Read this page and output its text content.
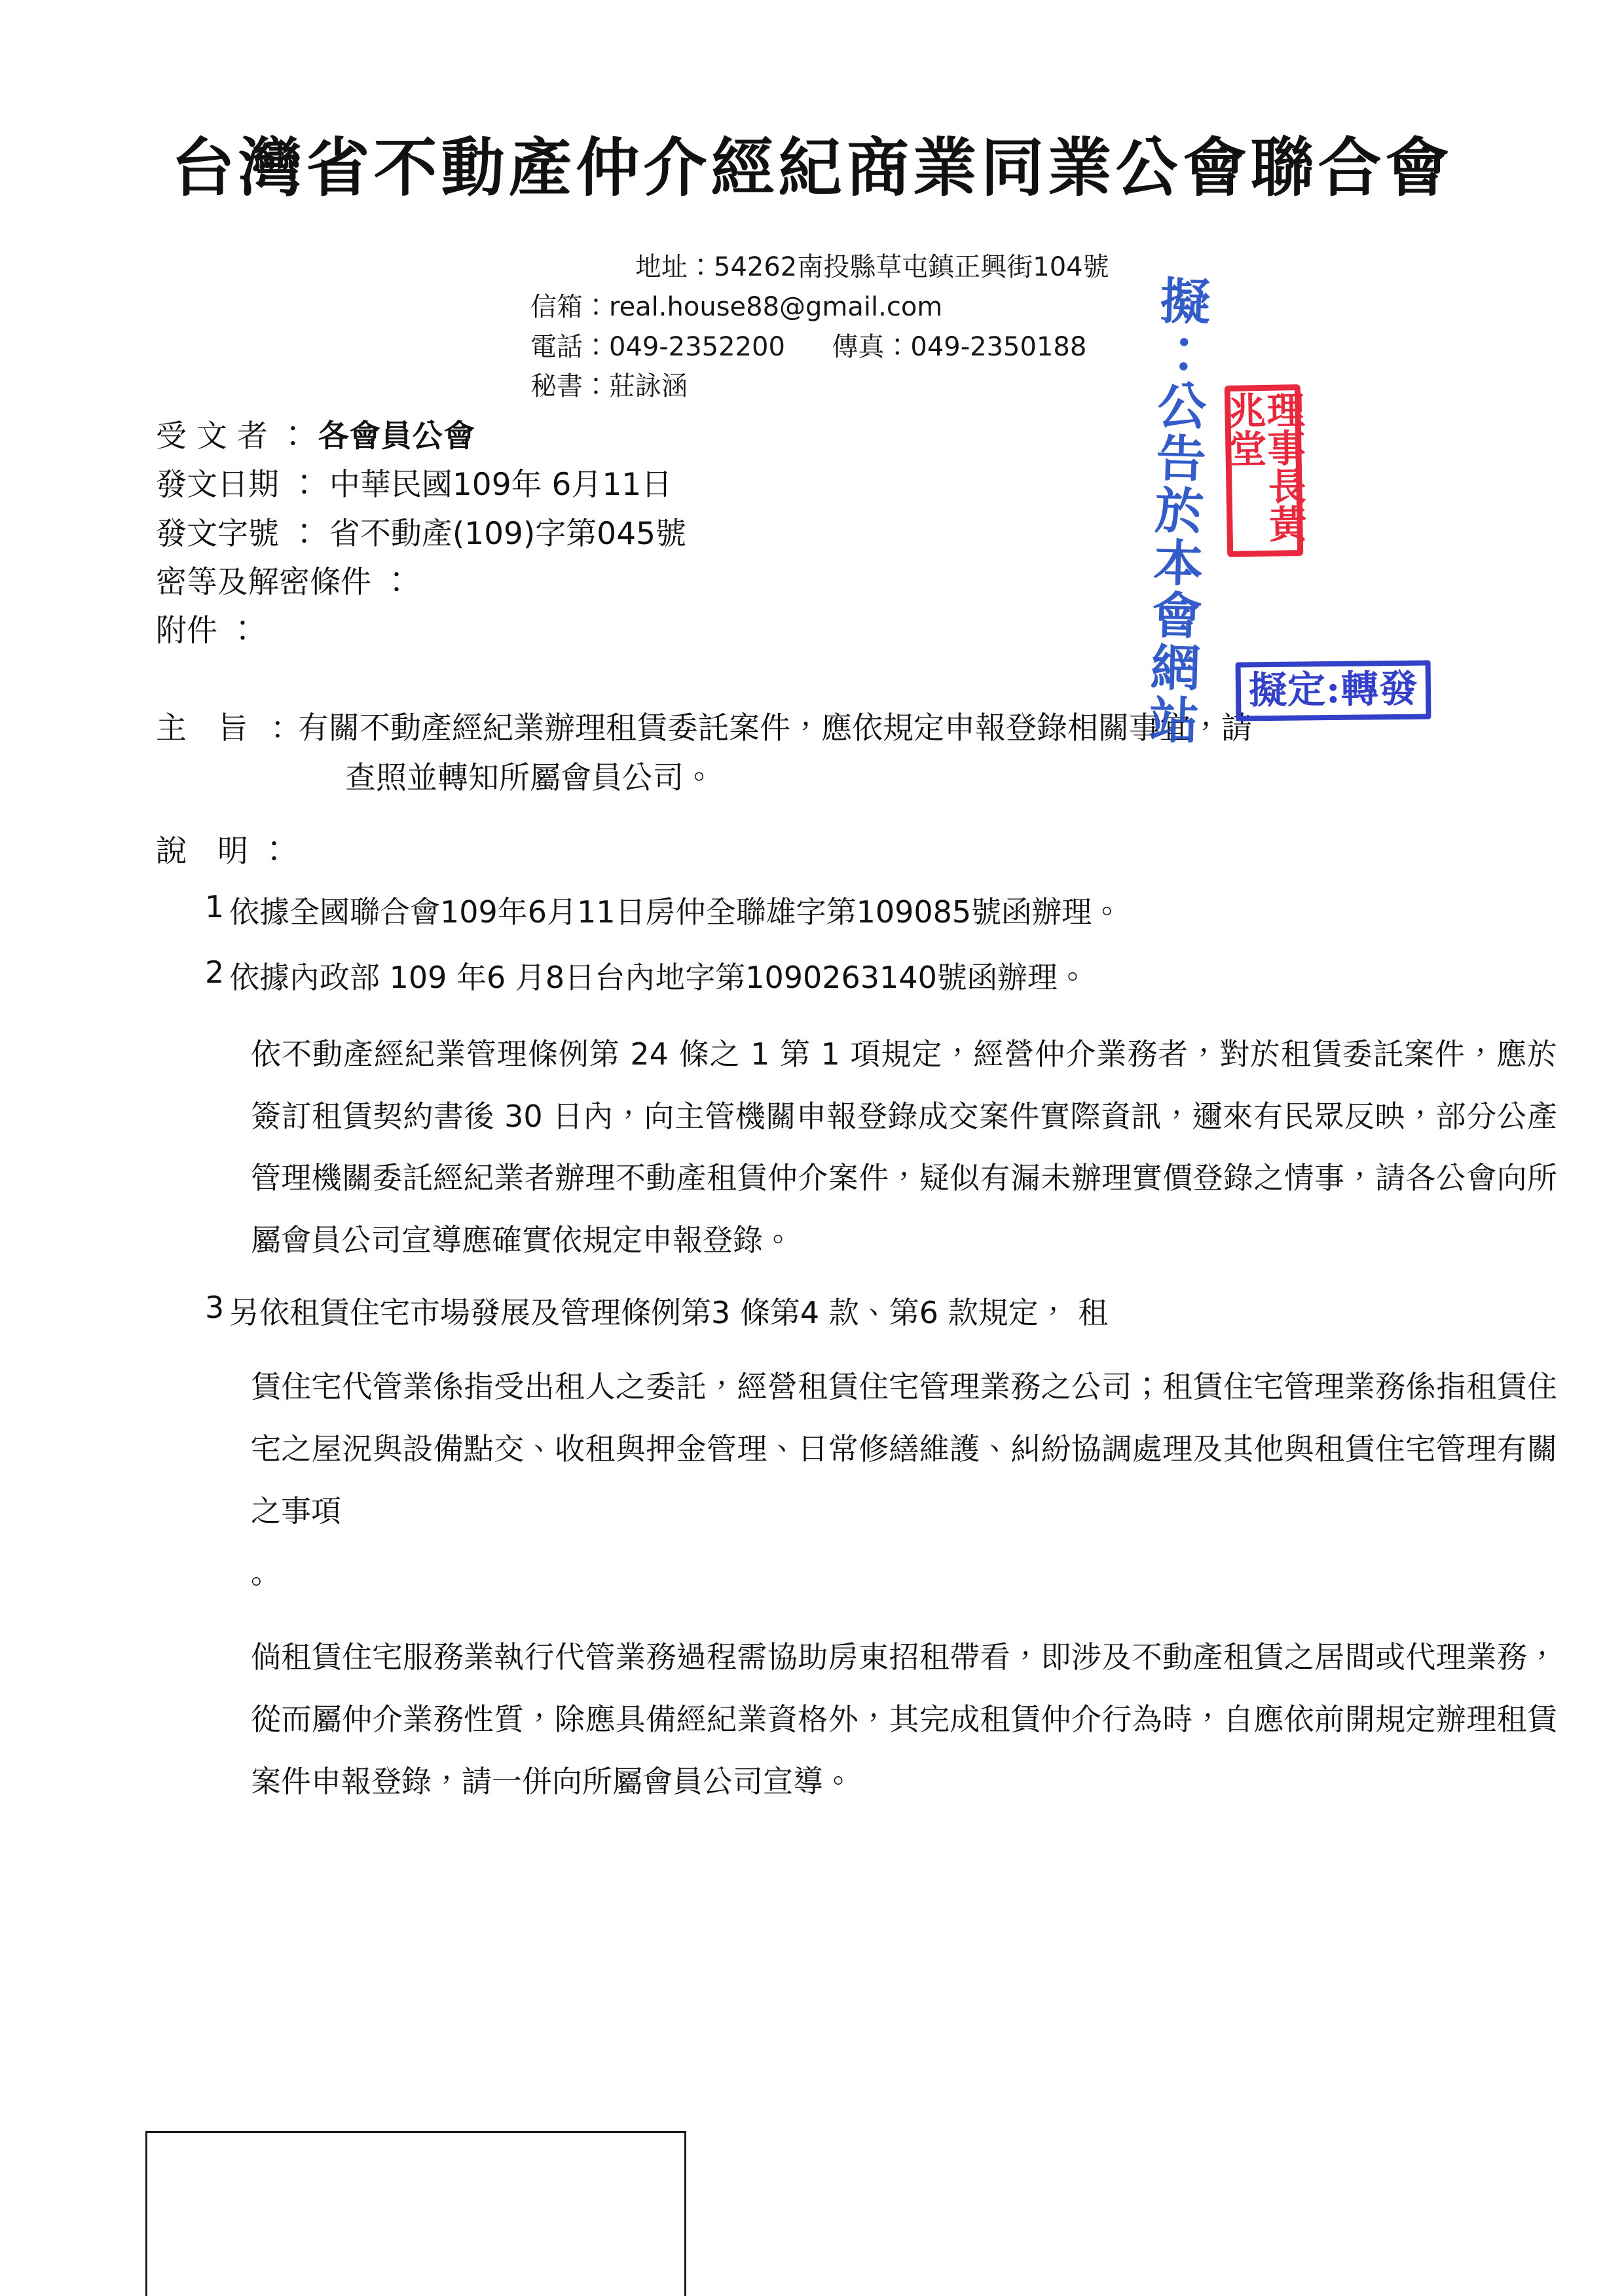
台灣省不動產仲介經紀商業同業公會聯合會
地址：54262南投縣草屯鎮正興街104號
信箱：real.house88@gmail.com
電話：049-2352200 傳真：049-2350188
秘書：莊詠涵
受 文 者 ： 各會員公會
發文日期 ： 中華民國109年 6月11日
發文字號 ： 省不動產(109)字第045號
密等及解密條件 ：
附件 ：
主 旨 ：
有關不動產經紀業辦理租賃委託案件，應依規定申報登錄相關事宜，請
查照並轉知所屬會員公司。
說 明：
1 依據全國聯合會109年6月11日房仲全聯雄字第109085號函辦理。
2 依據內政部 109 年6 月8日台內地字第1090263140號函辦理。
依不動產經紀業管理條例第 24 條之 1 第 1 項規定，經營仲介業務者，對於租賃委託案件，應於簽訂租賃契約書後 30 日內，向主管機關申報登錄成交案件實際資訊，邇來有民眾反映，部分公產管理機關委託經紀業者辦理不動產租賃仲介案件，疑似有漏未辦理實價登錄之情事，請各公會向所屬會員公司宣導應確實依規定申報登錄。
3 另依租賃住宅市場發展及管理條例第3 條第4 款、第6 款規定， 租
賃住宅代管業係指受出租人之委託，經營租賃住宅管理業務之公司；租賃住宅管理業務係指租賃住宅之屋況與設備點交、收租與押金管理、日常修繕維護、糾紛協調處理及其他與租賃住宅管理有關之事項
。
倘租賃住宅服務業執行代管業務過程需協助房東招租帶看，即涉及不動產租賃之居間或代理業務，從而屬仲介業務性質，除應具備經紀業資格外，其完成租賃仲介行為時，自應依前開規定辦理租賃案件申報登錄，請一併向所屬會員公司宣導。
擬：公告於本會網站	理事長黃兆堂
擬定:轉發
